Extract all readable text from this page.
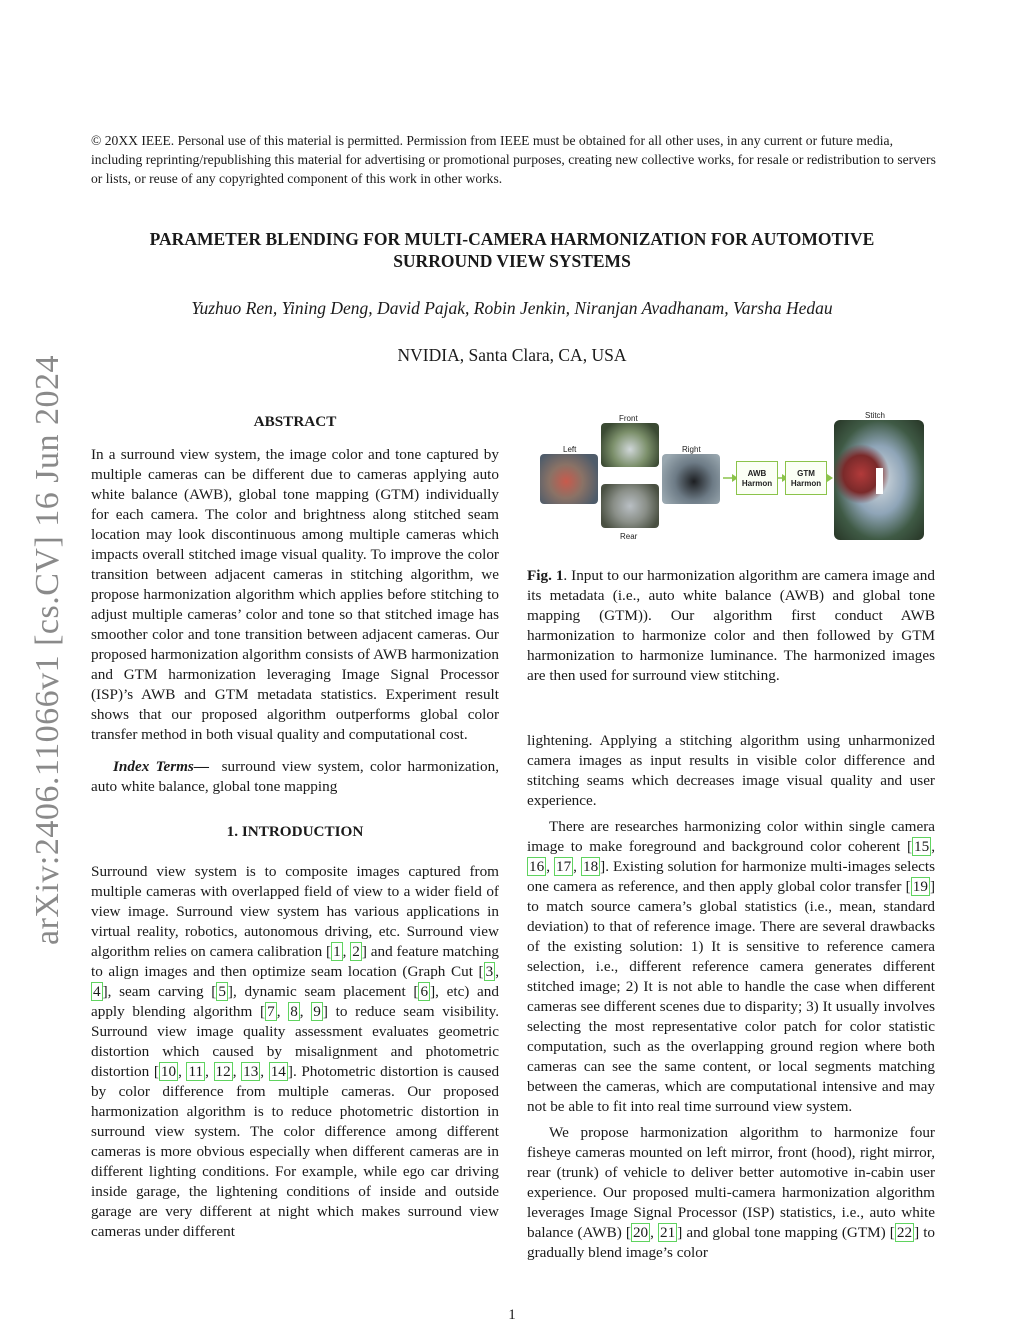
© 20XX IEEE. Personal use of this material is permitted. Permission from IEEE must be obtained for all other uses, in any current or future media, including reprinting/republishing this material for advertising or promotional purposes, creating new collective works, for resale or redistribution to servers or lists, or reuse of any copyrighted component of this work in other works.
PARAMETER BLENDING FOR MULTI-CAMERA HARMONIZATION FOR AUTOMOTIVE
SURROUND VIEW SYSTEMS
Yuzhuo Ren, Yining Deng, David Pajak, Robin Jenkin, Niranjan Avadhanam, Varsha Hedau
NVIDIA, Santa Clara, CA, USA
arXiv:2406.11066v1 [cs.CV] 16 Jun 2024	ABSTRACT

In a surround view system, the image color and tone captured by multiple cameras can be different due to cameras applying auto white balance (AWB), global tone mapping (GTM) individually for each camera. The color and brightness along stitched seam location may look discontinuous among multiple cameras which impacts overall stitched image visual quality. To improve the color transition between adjacent cameras in stitching algorithm, we propose harmonization algorithm which applies before stitching to adjust multiple cameras’ color and tone so that stitched image has smoother color and tone transition between adjacent cameras. Our proposed harmonization algorithm consists of AWB harmonization and GTM harmonization leveraging Image Signal Processor (ISP)’s AWB and GTM metadata statistics. Experiment result shows that our proposed algorithm outperforms global color transfer method in both visual quality and computational cost.

Index Terms— surround view system, color harmonization, auto white balance, global tone mapping

1. INTRODUCTION

Surround view system is to composite images captured from multiple cameras with overlapped field of view to a wider field of view image. Surround view system has various applications in virtual reality, robotics, autonomous driving, etc. Surround view algorithm relies on camera calibration [ 1 , 2 ] and feature matching to align images and then optimize seam location (Graph Cut [ 3 , 4 ], seam carving [ 5 ], dynamic seam placement [ 6 ], etc) and apply blending algorithm [ 7 , 8 , 9 ] to reduce seam visibility. Surround view image quality assessment evaluates geometric distortion which caused by misalignment and photometric distortion [ 10 , 11 , 12 , 13 , 14 ]. Photometric distortion is caused by color difference from multiple cameras. Our proposed harmonization algorithm is to reduce photometric distortion in surround view system. The color difference among different cameras is more obvious especially when different cameras are in different lighting conditions. For example, while ego car driving inside garage, the lightening conditions of inside and outside garage are very different at night which makes surround view cameras under different

Front
Left	Right
Rear
Stitch
AWB
Harmon
GTM
Harmon

Fig. 1. Input to our harmonization algorithm are camera image and its metadata (i.e., auto white balance (AWB) and global tone mapping (GTM)). Our algorithm first conduct AWB harmonization to harmonize color and then followed by GTM harmonization to harmonize luminance. The harmonized images are then used for surround view stitching.

lightening. Applying a stitching algorithm using unharmonized camera images as input results in visible color difference and stitching seams which decreases image visual quality and user experience.

There are researches harmonizing color within single camera image to make foreground and background color coherent [ 15 , 16 , 17 , 18 ]. Existing solution for harmonize multi-images selects one camera as reference, and then apply global color transfer [ 19 ] to match source camera’s global statistics (i.e., mean, standard deviation) to that of reference image. There are several drawbacks of the existing solution: 1) It is sensitive to reference camera selection, i.e., different reference camera generates different stitched image; 2) It is not able to handle the case when different cameras see different scenes due to disparity; 3) It usually involves selecting the most representative color patch for color statistic computation, such as the overlapping ground region where both cameras can see the same content, or local segments matching between the cameras, which are computational intensive and may not be able to fit into real time surround view system.

We propose harmonization algorithm to harmonize four fisheye cameras mounted on left mirror, front (hood), right mirror, rear (trunk) of vehicle to deliver better automotive in-cabin user experience. Our proposed multi-camera harmonization algorithm leverages Image Signal Processor (ISP) statistics, i.e., auto white balance (AWB) [ 20 , 21 ] and global tone mapping (GTM) [ 22 ] to gradually blend image’s color

1
